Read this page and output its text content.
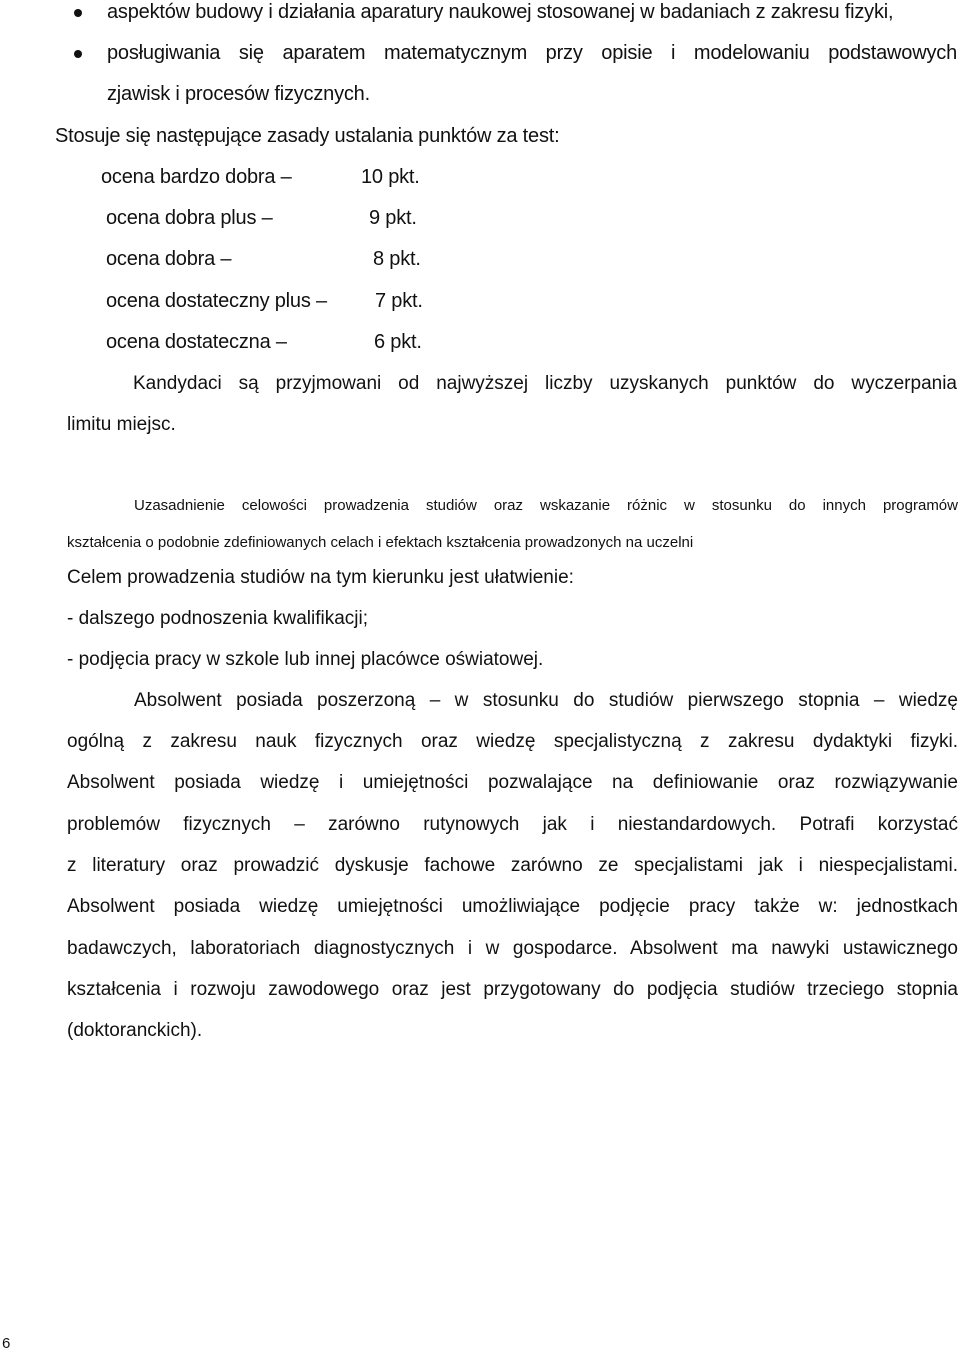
aspektów budowy i działania aparatury naukowej stosowanej w badaniach z zakresu fizyki,
posługiwania się aparatem matematycznym przy opisie i modelowaniu podstawowych
zjawisk i procesów fizycznych.
Stosuje się następujące zasady ustalania punktów za test:
ocena bardzo dobra –	10 pkt.
ocena dobra plus –	9 pkt.
ocena dobra –	8 pkt.
ocena dostateczny plus – 7 pkt.
ocena dostateczna –	6 pkt.
Kandydaci są przyjmowani od najwyższej liczby uzyskanych punktów do wyczerpania
limitu miejsc.
Uzasadnienie celowości prowadzenia studiów oraz wskazanie różnic w stosunku do innych programów
kształcenia o podobnie zdefiniowanych celach i efektach kształcenia prowadzonych na uczelni
Celem prowadzenia studiów na tym kierunku jest ułatwienie:
- dalszego podnoszenia kwalifikacji;
- podjęcia pracy w szkole lub innej placówce oświatowej.
Absolwent posiada poszerzoną – w stosunku do studiów pierwszego stopnia – wiedzę
ogólną z zakresu nauk fizycznych oraz wiedzę specjalistyczną z zakresu dydaktyki fizyki.
Absolwent posiada wiedzę i umiejętności pozwalające na definiowanie oraz rozwiązywanie
problemów fizycznych – zarówno rutynowych jak i niestandardowych. Potrafi korzystać
z literatury oraz prowadzić dyskusje fachowe zarówno ze specjalistami jak i niespecjalistami.
Absolwent posiada wiedzę umiejętności umożliwiające podjęcie pracy także w: jednostkach
badawczych, laboratoriach diagnostycznych i w gospodarce. Absolwent ma nawyki ustawicznego
kształcenia i rozwoju zawodowego oraz jest przygotowany do podjęcia studiów trzeciego stopnia
(doktoranckich).
6
